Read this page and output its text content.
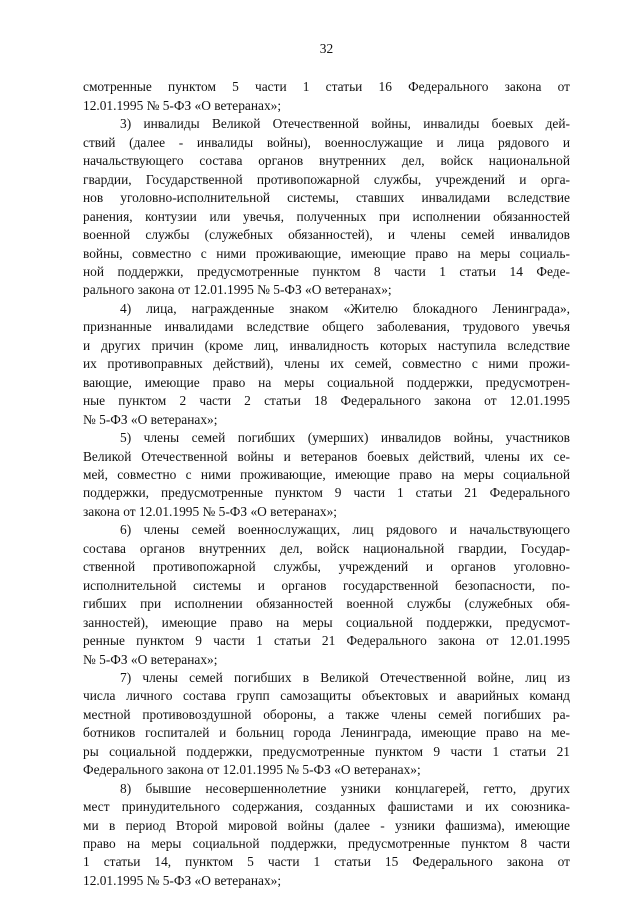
32
смотренные пунктом 5 части 1 статьи 16 Федерального закона от
12.01.1995 № 5-ФЗ «О ветеранах»;
3) инвалиды Великой Отечественной войны, инвалиды боевых дей-
ствий (далее - инвалиды войны), военнослужащие и лица рядового и
начальствующего состава органов внутренних дел, войск национальной
гвардии, Государственной противопожарной службы, учреждений и орга-
нов уголовно-исполнительной системы, ставших инвалидами вследствие
ранения, контузии или увечья, полученных при исполнении обязанностей
военной службы (служебных обязанностей), и члены семей инвалидов
войны, совместно с ними проживающие, имеющие право на меры социаль-
ной поддержки, предусмотренные пунктом 8 части 1 статьи 14 Феде-
рального закона от 12.01.1995 № 5-ФЗ «О ветеранах»;
4) лица, награжденные знаком «Жителю блокадного Ленинграда»,
признанные инвалидами вследствие общего заболевания, трудового увечья
и других причин (кроме лиц, инвалидность которых наступила вследствие
их противоправных действий), члены их семей, совместно с ними прожи-
вающие, имеющие право на меры социальной поддержки, предусмотрен-
ные пунктом 2 части 2 статьи 18 Федерального закона от 12.01.1995
№ 5-ФЗ «О ветеранах»;
5) члены семей погибших (умерших) инвалидов войны, участников
Великой Отечественной войны и ветеранов боевых действий, члены их се-
мей, совместно с ними проживающие, имеющие право на меры социальной
поддержки, предусмотренные пунктом 9 части 1 статьи 21 Федерального
закона от 12.01.1995 № 5-ФЗ «О ветеранах»;
6) члены семей военнослужащих, лиц рядового и начальствующего
состава органов внутренних дел, войск национальной гвардии, Государ-
ственной противопожарной службы, учреждений и органов уголовно-
исполнительной системы и органов государственной безопасности, по-
гибших при исполнении обязанностей военной службы (служебных обя-
занностей), имеющие право на меры социальной поддержки, предусмот-
ренные пунктом 9 части 1 статьи 21 Федерального закона от 12.01.1995
№ 5-ФЗ «О ветеранах»;
7) члены семей погибших в Великой Отечественной войне, лиц из
числа личного состава групп самозащиты объектовых и аварийных команд
местной противовоздушной обороны, а также члены семей погибших ра-
ботников госпиталей и больниц города Ленинграда, имеющие право на ме-
ры социальной поддержки, предусмотренные пунктом 9 части 1 статьи 21
Федерального закона от 12.01.1995 № 5-ФЗ «О ветеранах»;
8) бывшие несовершеннолетние узники концлагерей, гетто, других
мест принудительного содержания, созданных фашистами и их союзника-
ми в период Второй мировой войны (далее - узники фашизма), имеющие
право на меры социальной поддержки, предусмотренные пунктом 8 части
1 статьи 14, пунктом 5 части 1 статьи 15 Федерального закона от
12.01.1995 № 5-ФЗ «О ветеранах»;
